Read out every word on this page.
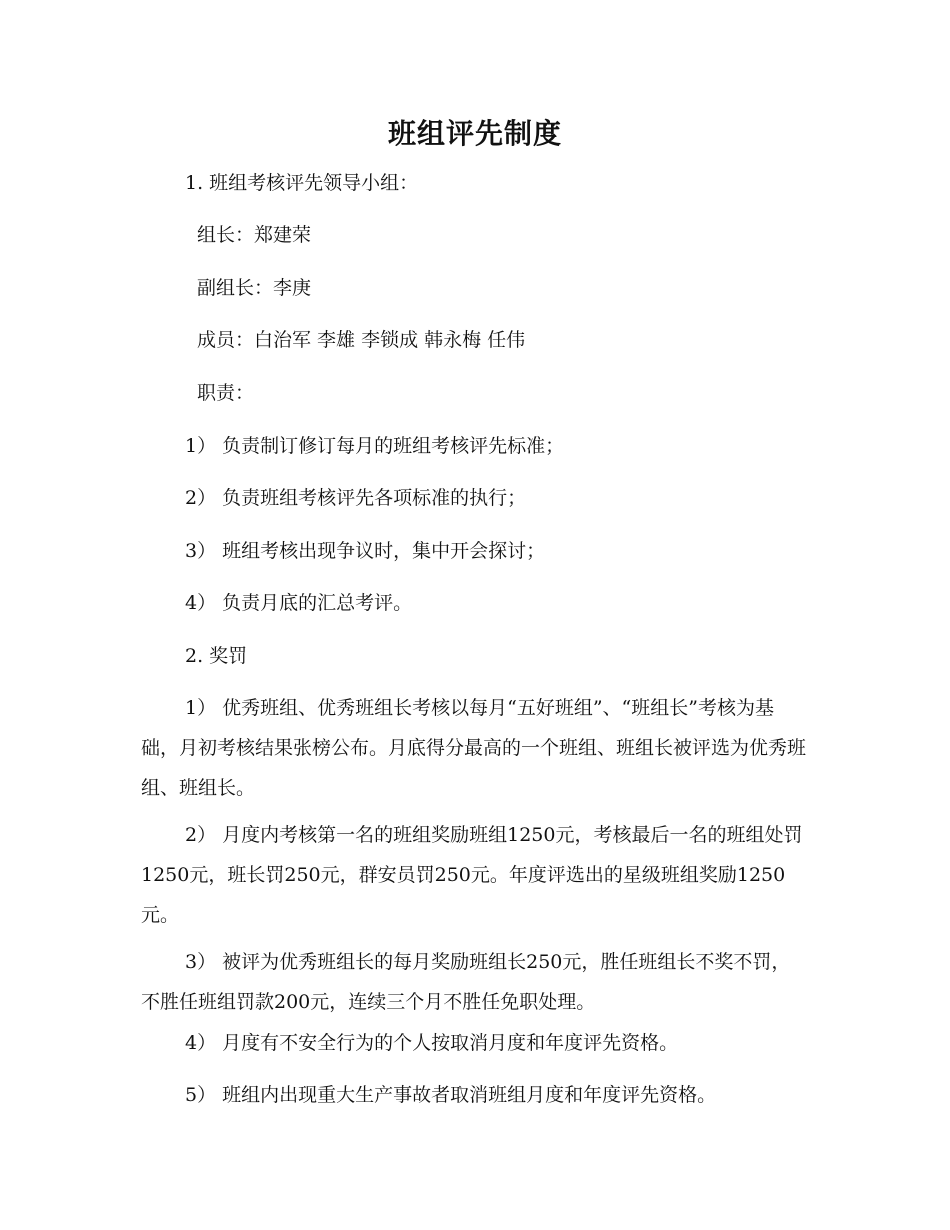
班组评先制度
1. 班组考核评先领导小组：
组长：郑建荣
副组长：李庚
成员：白治军 李雄 李锁成 韩永梅 任伟
职责：
1） 负责制订修订每月的班组考核评先标准；
2） 负责班组考核评先各项标准的执行；
3） 班组考核出现争议时，集中开会探讨；
4） 负责月底的汇总考评。
2. 奖罚
1） 优秀班组、优秀班组长考核以每月“五好班组”、“班组长”考核为基础，月初考核结果张榜公布。月底得分最高的一个班组、班组长被评选为优秀班组、班组长。
2） 月度内考核第一名的班组奖励班组1250元，考核最后一名的班组处罚1250元，班长罚250元，群安员罚250元。年度评选出的星级班组奖励1250元。
3） 被评为优秀班组长的每月奖励班组长250元，胜任班组长不奖不罚，不胜任班组罚款200元，连续三个月不胜任免职处理。
4） 月度有不安全行为的个人按取消月度和年度评先资格。
5） 班组内出现重大生产事故者取消班组月度和年度评先资格。
